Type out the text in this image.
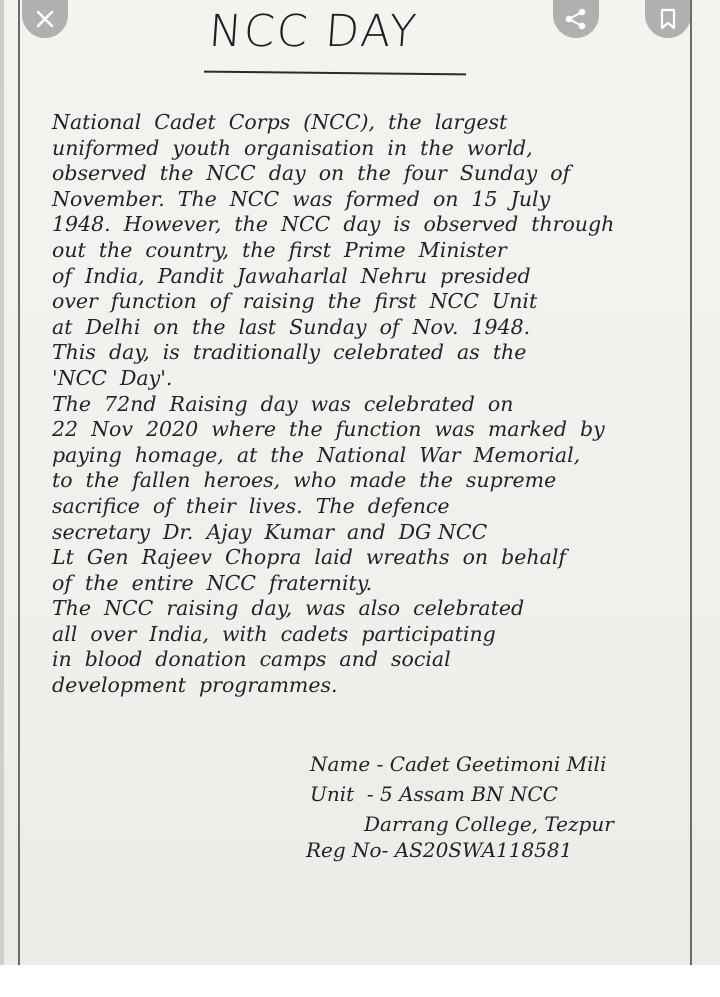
NCC DAY
National  Cadet  Corps  (NCC),  the  largest
uniformed  youth  organisation  in  the  world,
observed  the  NCC  day  on  the  four  Sunday  of
November.  The  NCC  was  formed  on  15  July
1948.  However,  the  NCC  day  is  observed  through
out  the  country,  the  first  Prime  Minister
of  India,  Pandit  Jawaharlal  Nehru  presided
over  function  of  raising  the  first  NCC  Unit
at  Delhi  on  the  last  Sunday  of  Nov.  1948.
This  day,  is  traditionally  celebrated  as  the
'NCC  Day'.
The  72nd  Raising  day  was  celebrated  on
22  Nov  2020  where  the  function  was  marked  by
paying  homage,  at  the  National  War  Memorial,
to  the  fallen  heroes,  who  made  the  supreme
sacrifice  of  their  lives.  The  defence
secretary  Dr.  Ajay  Kumar  and  DG NCC
Lt  Gen  Rajeev  Chopra  laid  wreaths  on  behalf
of  the  entire  NCC  fraternity.
The  NCC  raising  day,  was  also  celebrated
all  over  India,  with  cadets  participating
in  blood  donation  camps  and  social
development  programmes.
Name - Cadet Geetimoni Mili
Unit  - 5 Assam BN NCC
Darrang College, Tezpur
Reg No- AS20SWA118581
